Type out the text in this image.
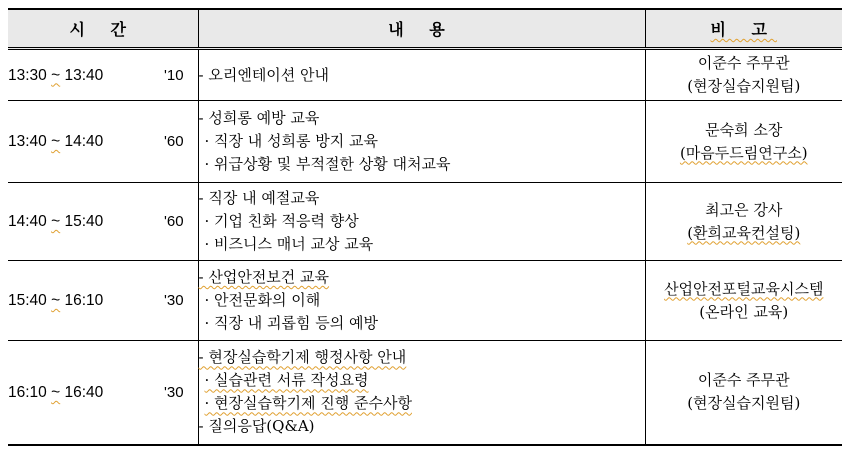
시 간		내 용	비 고
13:30 ~ 13:40	'10	- 오리엔테이션 안내	이준수 주무관
(현장실습지원팀)

13:40 ~ 14:40	'60	- 성희롱 예방 교육
· 직장 내 성희롱 방지 교육
· 위급상황 및 부적절한 상황 대처교육	문숙희 소장
(마음두드림연구소)

14:40 ~ 15:40	'60	- 직장 내 예절교육
· 기업 친화 적응력 향상
· 비즈니스 매너 교상 교육	최고은 강사
(환희교육컨설팅)

15:40 ~ 16:10	'30	- 산업안전보건 교육
· 안전문화의 이해
· 직장 내 괴롭힘 등의 예방	산업안전포털교육시스템
(온라인 교육)

16:10 ~ 16:40	'30	- 현장실습학기제 행정사항 안내
· 실습관련 서류 작성요령
· 현장실습학기제 진행 준수사항
- 질의응답(Q&A)	이준수 주무관
(현장실습지원팀)
